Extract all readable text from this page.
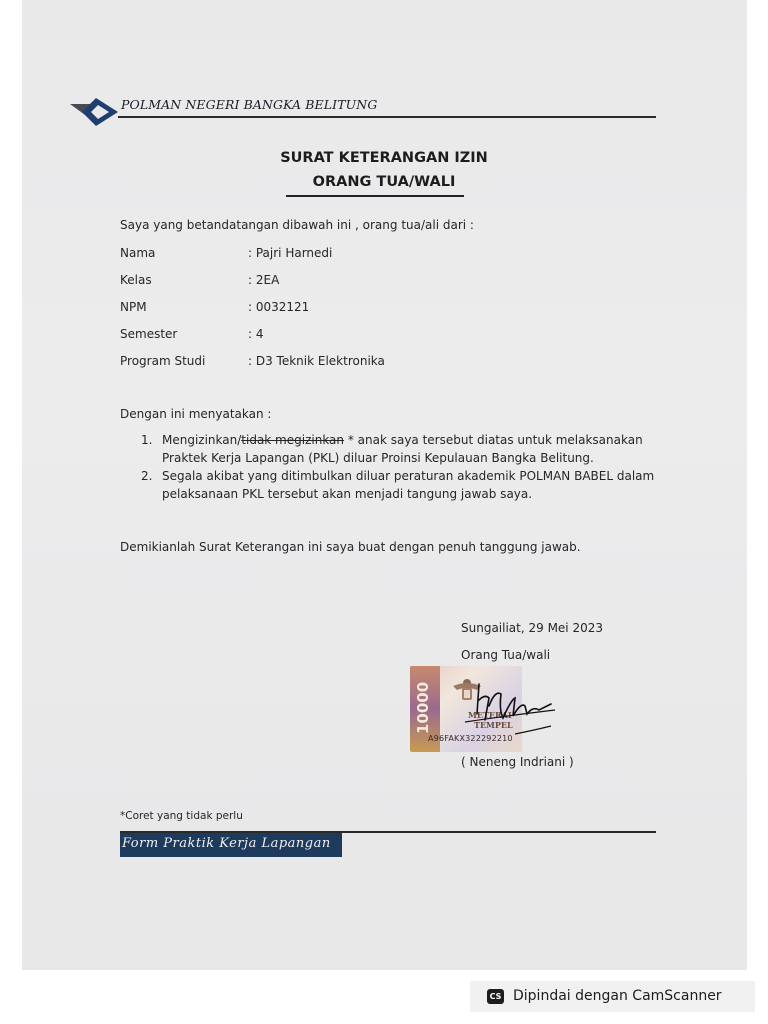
POLMAN NEGERI BANGKA BELITUNG
SURAT KETERANGAN IZIN
ORANG TUA/WALI
Saya yang betandatangan dibawah ini , orang tua/ali dari :
Nama	: Pajri Harnedi
Kelas	: 2EA
NPM	: 0032121
Semester	: 4
Program Studi	: D3 Teknik Elektronika
Dengan ini menyatakan :
1. Mengizinkan/tidak megizinkan * anak saya tersebut diatas untuk melaksanakan
Praktek Kerja Lapangan (PKL) diluar Proinsi Kepulauan Bangka Belitung.
2. Segala akibat yang ditimbulkan diluar peraturan akademik POLMAN BABEL dalam
pelaksanaan PKL tersebut akan menjadi tangung jawab saya.
Demikianlah Surat Keterangan ini saya buat dengan penuh tanggung jawab.
Sungailiat, 29 Mei 2023
Orang Tua/wali
10000	METERAI
TEMPEL
A96FAKX322292210
( Neneng Indriani )
*Coret yang tidak perlu
Form Praktik Kerja Lapangan
CS Dipindai dengan CamScanner
